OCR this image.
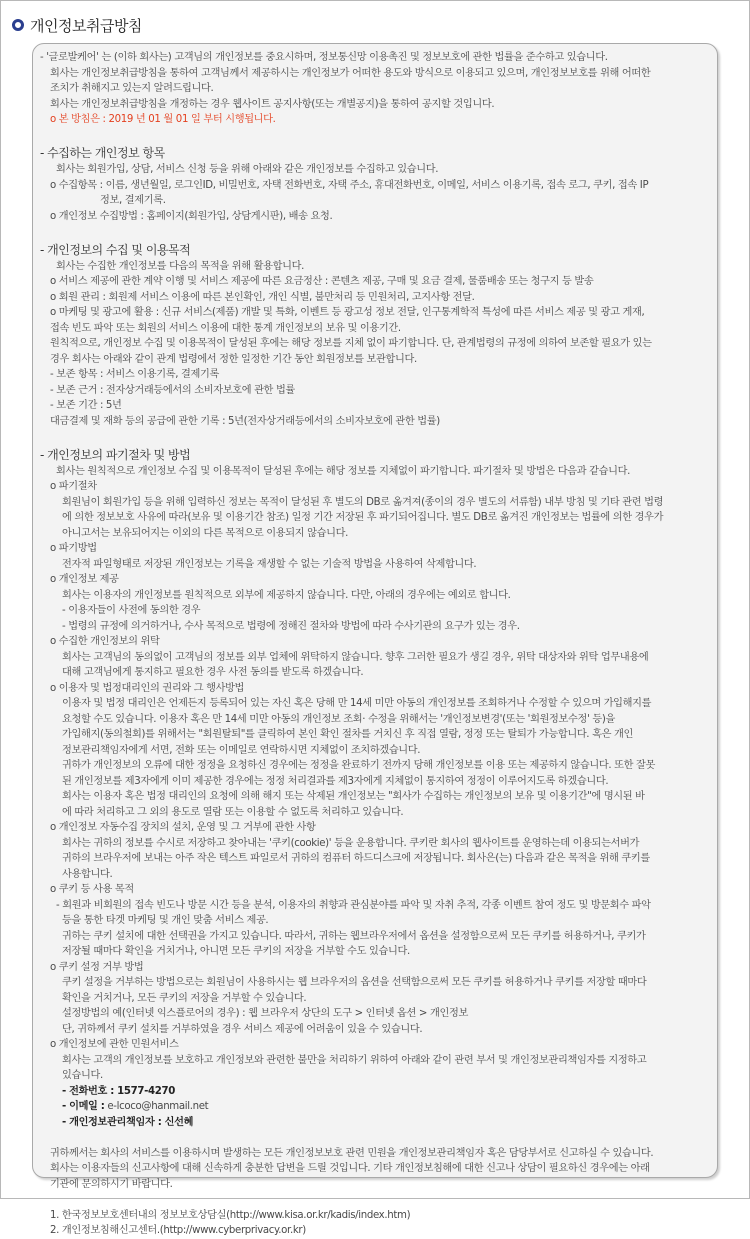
개인정보취급방침
- '글로발케어' 는 (이하 회사는) 고객님의 개인정보를 중요시하며, 정보통신망 이용촉진 및 정보보호에 관한 법률을 준수하고 있습니다.
회사는 개인정보취급방침을 통하여 고객님께서 제공하시는 개인정보가 어떠한 용도와 방식으로 이용되고 있으며, 개인정보보호를 위해 어떠한
조치가 취해지고 있는지 알려드립니다.
회사는 개인정보취급방침을 개정하는 경우 웹사이트 공지사항(또는 개별공지)을 통하여 공지할 것입니다.
o 본 방침은 : 2019 년 01 월 01 일 부터 시행됩니다.
- 수집하는 개인정보 항목
회사는 회원가입, 상담, 서비스 신청 등을 위해 아래와 같은 개인정보를 수집하고 있습니다.
o 수집항목 : 이름, 생년월일, 로그인ID, 비밀번호, 자택 전화번호, 자택 주소, 휴대전화번호, 이메일, 서비스 이용기록, 접속 로그, 쿠키, 접속 IP
정보, 결제기록.
o 개인정보 수집방법 : 홈페이지(회원가입, 상담게시판), 배송 요청.
- 개인정보의 수집 및 이용목적
회사는 수집한 개인정보를 다음의 목적을 위해 활용합니다.
o 서비스 제공에 관한 계약 이행 및 서비스 제공에 따른 요금정산 : 콘텐츠 제공, 구매 및 요금 결제, 물품배송 또는 청구지 등 발송
o 회원 관리 : 회원제 서비스 이용에 따른 본인확인, 개인 식별, 불만처리 등 민원처리, 고지사항 전달.
o 마케팅 및 광고에 활용 : 신규 서비스(제품) 개발 및 특화, 이벤트 등 광고성 정보 전달, 인구통계학적 특성에 따른 서비스 제공 및 광고 게재,
접속 빈도 파악 또는 회원의 서비스 이용에 대한 통계 개인정보의 보유 및 이용기간.
원칙적으로, 개인정보 수집 및 이용목적이 달성된 후에는 해당 정보를 지체 없이 파기합니다. 단, 관계법령의 규정에 의하여 보존할 필요가 있는
경우 회사는 아래와 같이 관계 법령에서 정한 일정한 기간 동안 회원정보를 보관합니다.
- 보존 항목 : 서비스 이용기록, 결제기록
- 보존 근거 : 전자상거래등에서의 소비자보호에 관한 법률
- 보존 기간 : 5년
대금결제 및 재화 등의 공급에 관한 기록 : 5년(전자상거래등에서의 소비자보호에 관한 법률)
- 개인정보의 파기절차 및 방법
회사는 원칙적으로 개인정보 수집 및 이용목적이 달성된 후에는 해당 정보를 지체없이 파기합니다. 파기절차 및 방법은 다음과 같습니다.
o 파기절차
회원님이 회원가입 등을 위해 입력하신 정보는 목적이 달성된 후 별도의 DB로 옮겨져(종이의 경우 별도의 서류함) 내부 방침 및 기타 관련 법령
에 의한 정보보호 사유에 따라(보유 및 이용기간 참조) 일정 기간 저장된 후 파기되어집니다. 별도 DB로 옮겨진 개인정보는 법률에 의한 경우가
아니고서는 보유되어지는 이외의 다른 목적으로 이용되지 않습니다.
o 파기방법
전자적 파일형태로 저장된 개인정보는 기록을 재생할 수 없는 기술적 방법을 사용하여 삭제합니다.
o 개인정보 제공
회사는 이용자의 개인정보를 원칙적으로 외부에 제공하지 않습니다. 다만, 아래의 경우에는 예외로 합니다.
- 이용자들이 사전에 동의한 경우
- 법령의 규정에 의거하거나, 수사 목적으로 법령에 정해진 절차와 방법에 따라 수사기관의 요구가 있는 경우.
o 수집한 개인정보의 위탁
회사는 고객님의 동의없이 고객님의 정보를 외부 업체에 위탁하지 않습니다. 향후 그러한 필요가 생길 경우, 위탁 대상자와 위탁 업무내용에
대해 고객님에게 통지하고 필요한 경우 사전 동의를 받도록 하겠습니다.
o 이용자 및 법정대리인의 권리와 그 행사방법
이용자 및 법정 대리인은 언제든지 등록되어 있는 자신 혹은 당해 만 14세 미만 아동의 개인정보를 조회하거나 수정할 수 있으며 가입해지를
요청할 수도 있습니다. 이용자 혹은 만 14세 미만 아동의 개인정보 조회· 수정을 위해서는 '개인정보변경'(또는 '회원정보수정' 등)을
가입해지(동의철회)를 위해서는 "회원탈퇴"를 클릭하여 본인 확인 절차를 거치신 후 직접 열람, 정정 또는 탈퇴가 가능합니다. 혹은 개인
정보관리책임자에게 서면, 전화 또는 이메일로 연락하시면 지체없이 조치하겠습니다.
귀하가 개인정보의 오류에 대한 정정을 요청하신 경우에는 정정을 완료하기 전까지 당해 개인정보를 이용 또는 제공하지 않습니다. 또한 잘못
된 개인정보를 제3자에게 이미 제공한 경우에는 정정 처리결과를 제3자에게 지체없이 통지하여 정정이 이루어지도록 하겠습니다.
회사는 이용자 혹은 법정 대리인의 요청에 의해 해지 또는 삭제된 개인정보는 "회사가 수집하는 개인정보의 보유 및 이용기간"에 명시된 바
에 따라 처리하고 그 외의 용도로 열람 또는 이용할 수 없도록 처리하고 있습니다.
o 개인정보 자동수집 장치의 설치, 운영 및 그 거부에 관한 사항
회사는 귀하의 정보를 수시로 저장하고 찾아내는 '쿠키(cookie)' 등을 운용합니다. 쿠키란 회사의 웹사이트를 운영하는데 이용되는서버가
귀하의 브라우저에 보내는 아주 작은 텍스트 파일로서 귀하의 컴퓨터 하드디스크에 저장됩니다. 회사은(는) 다음과 같은 목적을 위해 쿠키를
사용합니다.
o 쿠키 등 사용 목적
- 회원과 비회원의 접속 빈도나 방문 시간 등을 분석, 이용자의 취향과 관심분야를 파악 및 자취 추적, 각종 이벤트 참여 정도 및 방문회수 파악
등을 통한 타겟 마케팅 및 개인 맞춤 서비스 제공.
귀하는 쿠키 설치에 대한 선택권을 가지고 있습니다. 따라서, 귀하는 웹브라우저에서 옵션을 설정함으로써 모든 쿠키를 허용하거나, 쿠키가
저장될 때마다 확인을 거치거나, 아니면 모든 쿠키의 저장을 거부할 수도 있습니다.
o 쿠키 설정 거부 방법
쿠키 설정을 거부하는 방법으로는 회원님이 사용하시는 웹 브라우저의 옵션을 선택함으로써 모든 쿠키를 허용하거나 쿠키를 저장할 때마다
확인을 거치거나, 모든 쿠키의 저장을 거부할 수 있습니다.
설정방법의 예(인터넷 익스플로어의 경우) : 웹 브라우저 상단의 도구 > 인터넷 옵션 > 개인정보
단, 귀하께서 쿠키 설치를 거부하였을 경우 서비스 제공에 어려움이 있을 수 있습니다.
o 개인정보에 관한 민원서비스
회사는 고객의 개인정보를 보호하고 개인정보와 관련한 불만을 처리하기 위하여 아래와 같이 관련 부서 및 개인정보관리책임자를 지정하고
있습니다.
- 전화번호 : 1577-4270
- 이메일 : e-lcoco@hanmail.net
- 개인정보관리책임자 : 신선혜
귀하께서는 회사의 서비스를 이용하시며 발생하는 모든 개인정보보호 관련 민원을 개인정보관리책임자 혹은 담당부서로 신고하실 수 있습니다.
회사는 이용자들의 신고사항에 대해 신속하게 충분한 답변을 드릴 것입니다. 기타 개인정보침해에 대한 신고나 상담이 필요하신 경우에는 아래
기관에 문의하시기 바랍니다.
1. 한국정보보호센터내의 정보보호상담실(http://www.kisa.or.kr/kadis/index.htm)
2. 개인정보침해신고센터.(http://www.cyberprivacy.or.kr)
